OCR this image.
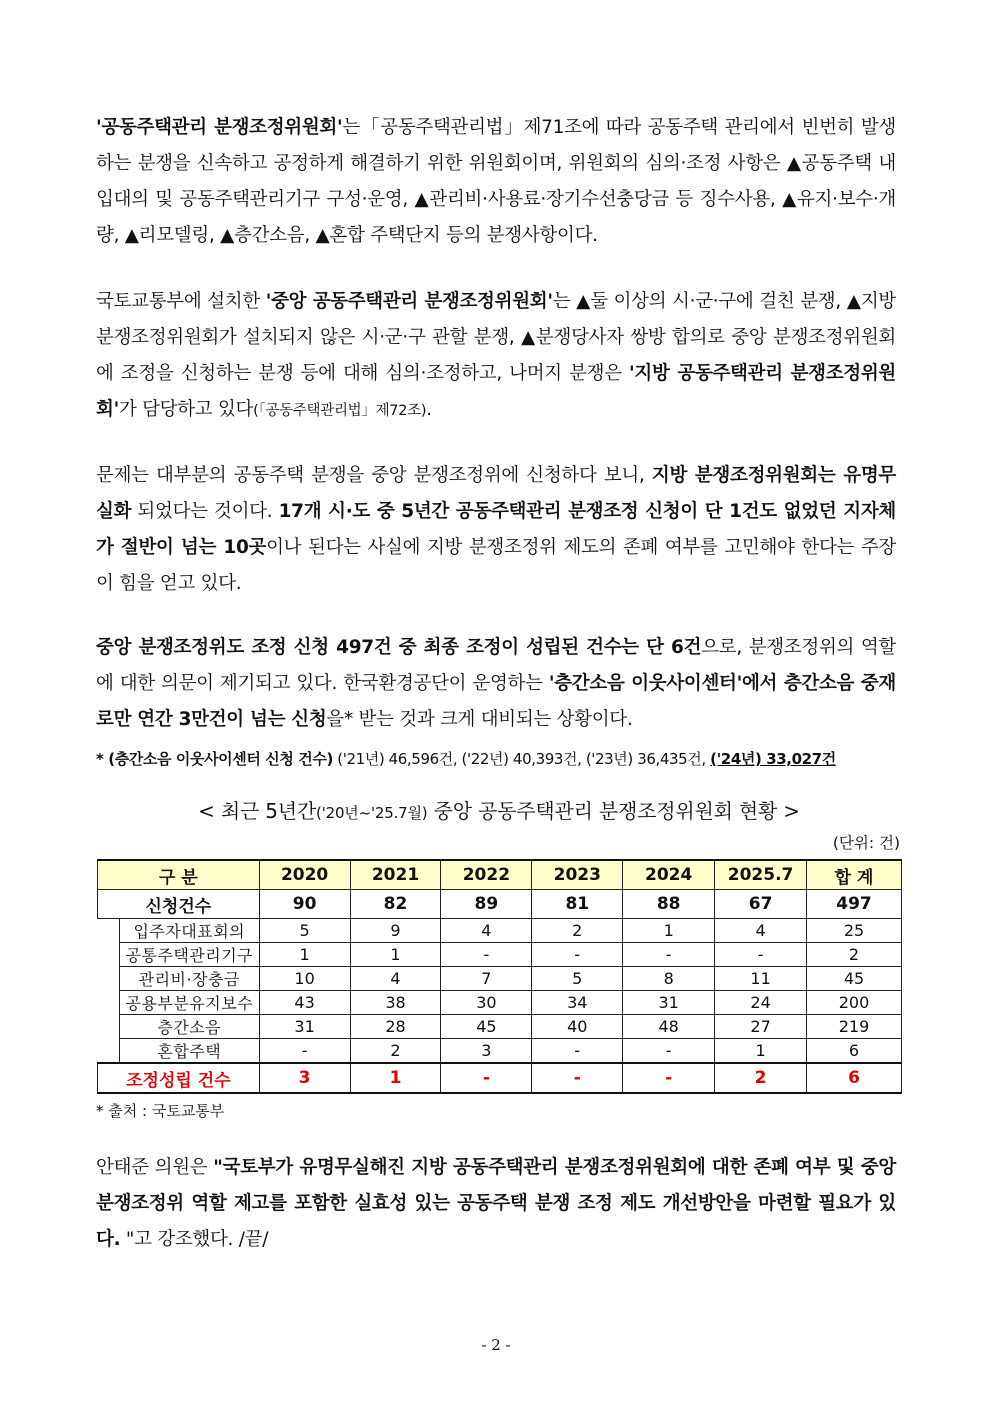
'공동주택관리 분쟁조정위원회'는「공동주택관리법」제71조에 따라 공동주택 관리에서 빈번히 발생하는 분쟁을 신속하고 공정하게 해결하기 위한 위원회이며, 위원회의 심의·조정 사항은 ▲공동주택 내 입대의 및 공동주택관리기구 구성·운영, ▲관리비·사용료·장기수선충당금 등 징수사용, ▲유지·보수·개량, ▲리모델링, ▲층간소음, ▲혼합 주택단지 등의 분쟁사항이다.
국토교통부에 설치한 '중앙 공동주택관리 분쟁조정위원회'는 ▲둘 이상의 시·군·구에 걸친 분쟁, ▲지방 분쟁조정위원회가 설치되지 않은 시·군·구 관할 분쟁, ▲분쟁당사자 쌍방 합의로 중앙 분쟁조정위원회에 조정을 신청하는 분쟁 등에 대해 심의·조정하고, 나머지 분쟁은 '지방 공동주택관리 분쟁조정위원회'가 담당하고 있다(「공동주택관리법」제72조).
문제는 대부분의 공동주택 분쟁을 중앙 분쟁조정위에 신청하다 보니, 지방 분쟁조정위원회는 유명무실화 되었다는 것이다. 17개 시·도 중 5년간 공동주택관리 분쟁조정 신청이 단 1건도 없었던 지자체가 절반이 넘는 10곳이나 된다는 사실에 지방 분쟁조정위 제도의 존폐 여부를 고민해야 한다는 주장이 힘을 얻고 있다.
중앙 분쟁조정위도 조정 신청 497건 중 최종 조정이 성립된 건수는 단 6건으로, 분쟁조정위의 역할에 대한 의문이 제기되고 있다. 한국환경공단이 운영하는 '층간소음 이웃사이센터'에서 층간소음 중재로만 연간 3만건이 넘는 신청을* 받는 것과 크게 대비되는 상황이다.
* (층간소음 이웃사이센터 신청 건수) ('21년) 46,596건, ('22년) 40,393건, ('23년) 36,435건, ('24년) 33,027건
< 최근 5년간('20년~'25.7월) 중앙 공동주택관리 분쟁조정위원회 현황 >
(단위: 건)
구 분		2020	2021	2022	2023	2024	2025.7	합 계
신청건수		90	82	89	81	88	67	497
	입주자대표회의	5	9	4	2	1	4	25
	공통주택관리기구	1	1	-	-	-	-	2
	관리비·장충금	10	4	7	5	8	11	45
	공용부분유지보수	43	38	30	34	31	24	200
	층간소음	31	28	45	40	48	27	219
	혼합주택	-	2	3	-	-	1	6
조정성립 건수		3	1	-	-	-	2	6
* 출처 : 국토교통부
안태준 의원은 "국토부가 유명무실해진 지방 공동주택관리 분쟁조정위원회에 대한 존폐 여부 및 중앙 분쟁조정위 역할 제고를 포함한 실효성 있는 공동주택 분쟁 조정 제도 개선방안을 마련할 필요가 있다. "고 강조했다. /끝/
- 2 -
